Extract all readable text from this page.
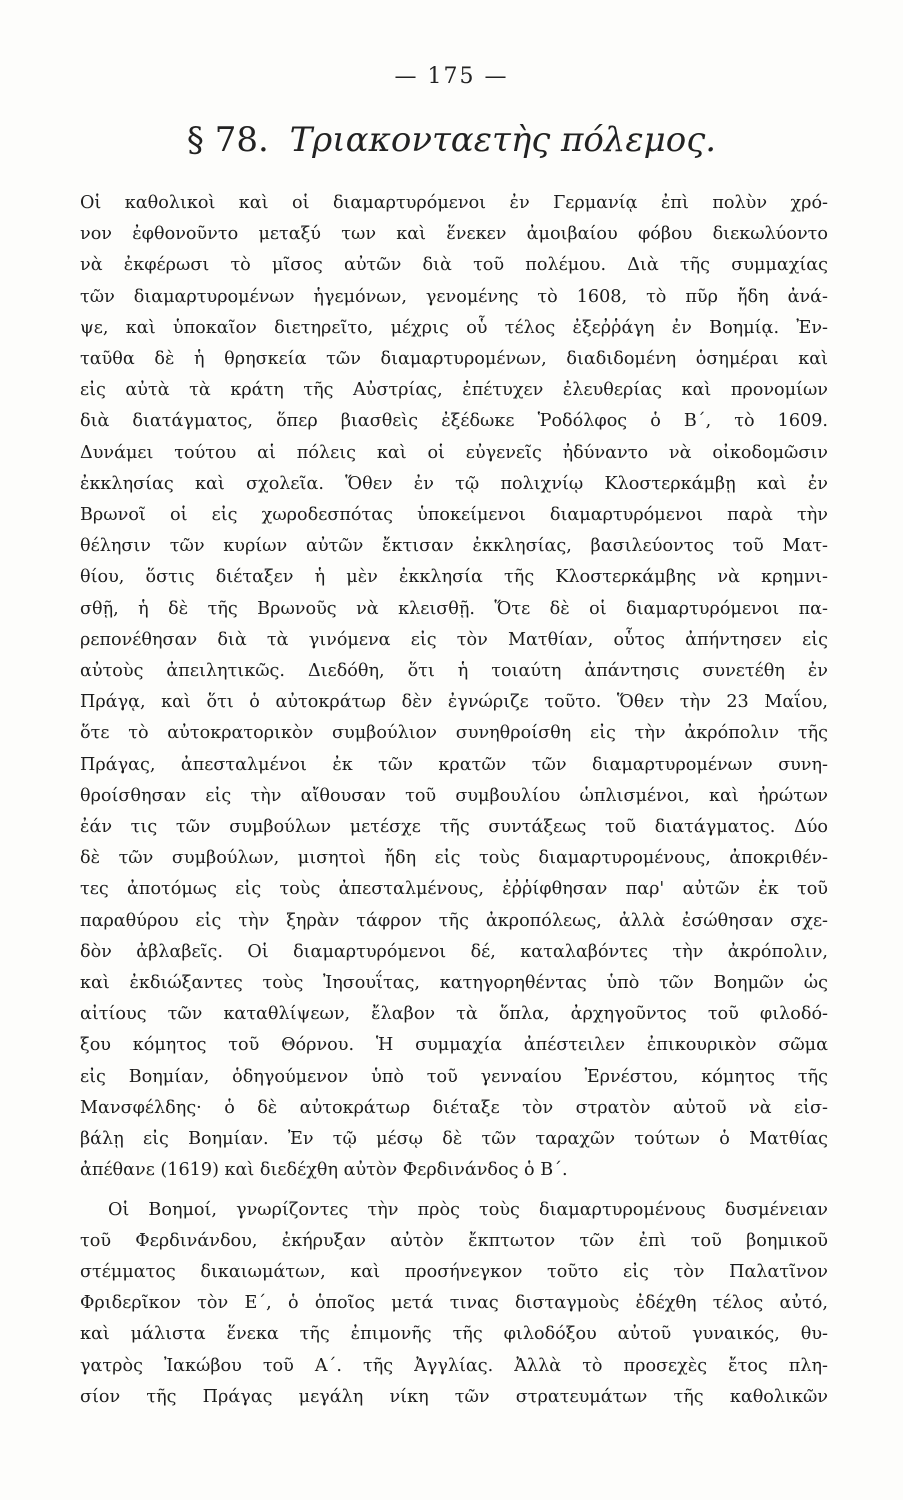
— 175 —
§ 78. Τριακονταετὴς πόλεμος.
Οἱ καθολικοὶ καὶ οἱ διαμαρτυρόμενοι ἐν Γερμανίᾳ ἐπὶ πολὺν χρό-
νον ἐφθονοῦντο μεταξύ των καὶ ἕνεκεν ἀμοιβαίου φόβου διεκωλύοντο
νὰ ἐκφέρωσι τὸ μῖσος αὐτῶν διὰ τοῦ πολέμου. Διὰ τῆς συμμαχίας
τῶν διαμαρτυρομένων ἡγεμόνων, γενομένης τὸ 1608, τὸ πῦρ ἤδη ἀνά-
ψε, καὶ ὑποκαῖον διετηρεῖτο, μέχρις οὗ τέλος ἐξεῤῥάγη ἐν Βοημίᾳ. Ἐν-
ταῦθα δὲ ἡ θρησκεία τῶν διαμαρτυρομένων, διαδιδομένη ὁσημέραι καὶ
εἰς αὐτὰ τὰ κράτη τῆς Αὐστρίας, ἐπέτυχεν ἐλευθερίας καὶ προνομίων
διὰ διατάγματος, ὅπερ βιασθεὶς ἐξέδωκε Ῥοδόλφος ὁ Β΄, τὸ 1609.
Δυνάμει τούτου αἱ πόλεις καὶ οἱ εὐγενεῖς ἠδύναντο νὰ οἰκοδομῶσιν
ἐκκλησίας καὶ σχολεῖα. Ὅθεν ἐν τῷ πολιχνίῳ Κλοστερκάμβῃ καὶ ἐν
Βρωνοῖ οἱ εἰς χωροδεσπότας ὑποκείμενοι διαμαρτυρόμενοι παρὰ τὴν
θέλησιν τῶν κυρίων αὐτῶν ἔκτισαν ἐκκλησίας, βασιλεύοντος τοῦ Ματ-
θίου, ὅστις διέταξεν ἡ μὲν ἐκκλησία τῆς Κλοστερκάμβης νὰ κρημνι-
σθῇ, ἡ δὲ τῆς Βρωνοῦς νὰ κλεισθῇ. Ὅτε δὲ οἱ διαμαρτυρόμενοι πα-
ρεπονέθησαν διὰ τὰ γινόμενα εἰς τὸν Ματθίαν, οὗτος ἀπήντησεν εἰς
αὐτοὺς ἀπειλητικῶς. Διεδόθη, ὅτι ἡ τοιαύτη ἀπάντησις συνετέθη ἐν
Πράγᾳ, καὶ ὅτι ὁ αὐτοκράτωρ δὲν ἐγνώριζε τοῦτο. Ὅθεν τὴν 23 Μαΐου,
ὅτε τὸ αὐτοκρατορικὸν συμβούλιον συνηθροίσθη εἰς τὴν ἀκρόπολιν τῆς
Πράγας, ἀπεσταλμένοι ἐκ τῶν κρατῶν τῶν διαμαρτυρομένων συνη-
θροίσθησαν εἰς τὴν αἴθουσαν τοῦ συμβουλίου ὡπλισμένοι, καὶ ἠρώτων
ἐάν τις τῶν συμβούλων μετέσχε τῆς συντάξεως τοῦ διατάγματος. Δύο
δὲ τῶν συμβούλων, μισητοὶ ἤδη εἰς τοὺς διαμαρτυρομένους, ἀποκριθέν-
τες ἀποτόμως εἰς τοὺς ἀπεσταλμένους, ἐῤῥίφθησαν παρ' αὐτῶν ἐκ τοῦ
παραθύρου εἰς τὴν ξηρὰν τάφρον τῆς ἀκροπόλεως, ἀλλὰ ἐσώθησαν σχε-
δὸν ἀβλαβεῖς. Οἱ διαμαρτυρόμενοι δέ, καταλαβόντες τὴν ἀκρόπολιν,
καὶ ἐκδιώξαντες τοὺς Ἰησουΐτας, κατηγορηθέντας ὑπὸ τῶν Βοημῶν ὡς
αἰτίους τῶν καταθλίψεων, ἔλαβον τὰ ὅπλα, ἀρχηγοῦντος τοῦ φιλοδό-
ξου κόμητος τοῦ Θόρνου. Ἡ συμμαχία ἀπέστειλεν ἐπικουρικὸν σῶμα
εἰς Βοημίαν, ὁδηγούμενον ὑπὸ τοῦ γενναίου Ἐρνέστου, κόμητος τῆς
Μανσφέλδης· ὁ δὲ αὐτοκράτωρ διέταξε τὸν στρατὸν αὐτοῦ νὰ εἰσ-
βάλῃ εἰς Βοημίαν. Ἐν τῷ μέσῳ δὲ τῶν ταραχῶν τούτων ὁ Ματθίας
ἀπέθανε (1619) καὶ διεδέχθη αὐτὸν Φερδινάνδος ὁ Β΄.
Οἱ Βοημοί, γνωρίζοντες τὴν πρὸς τοὺς διαμαρτυρομένους δυσμένειαν
τοῦ Φερδινάνδου, ἐκήρυξαν αὐτὸν ἔκπτωτον τῶν ἐπὶ τοῦ βοημικοῦ
στέμματος δικαιωμάτων, καὶ προσήνεγκον τοῦτο εἰς τὸν Παλατῖνον
Φριδερῖκον τὸν Ε΄, ὁ ὁποῖος μετά τινας δισταγμοὺς ἐδέχθη τέλος αὐτό,
καὶ μάλιστα ἕνεκα τῆς ἐπιμονῆς τῆς φιλοδόξου αὐτοῦ γυναικός, θυ-
γατρὸς Ἰακώβου τοῦ Α΄. τῆς Ἀγγλίας. Ἀλλὰ τὸ προσεχὲς ἔτος πλη-
σίον τῆς Πράγας μεγάλη νίκη τῶν στρατευμάτων τῆς καθολικῶν
